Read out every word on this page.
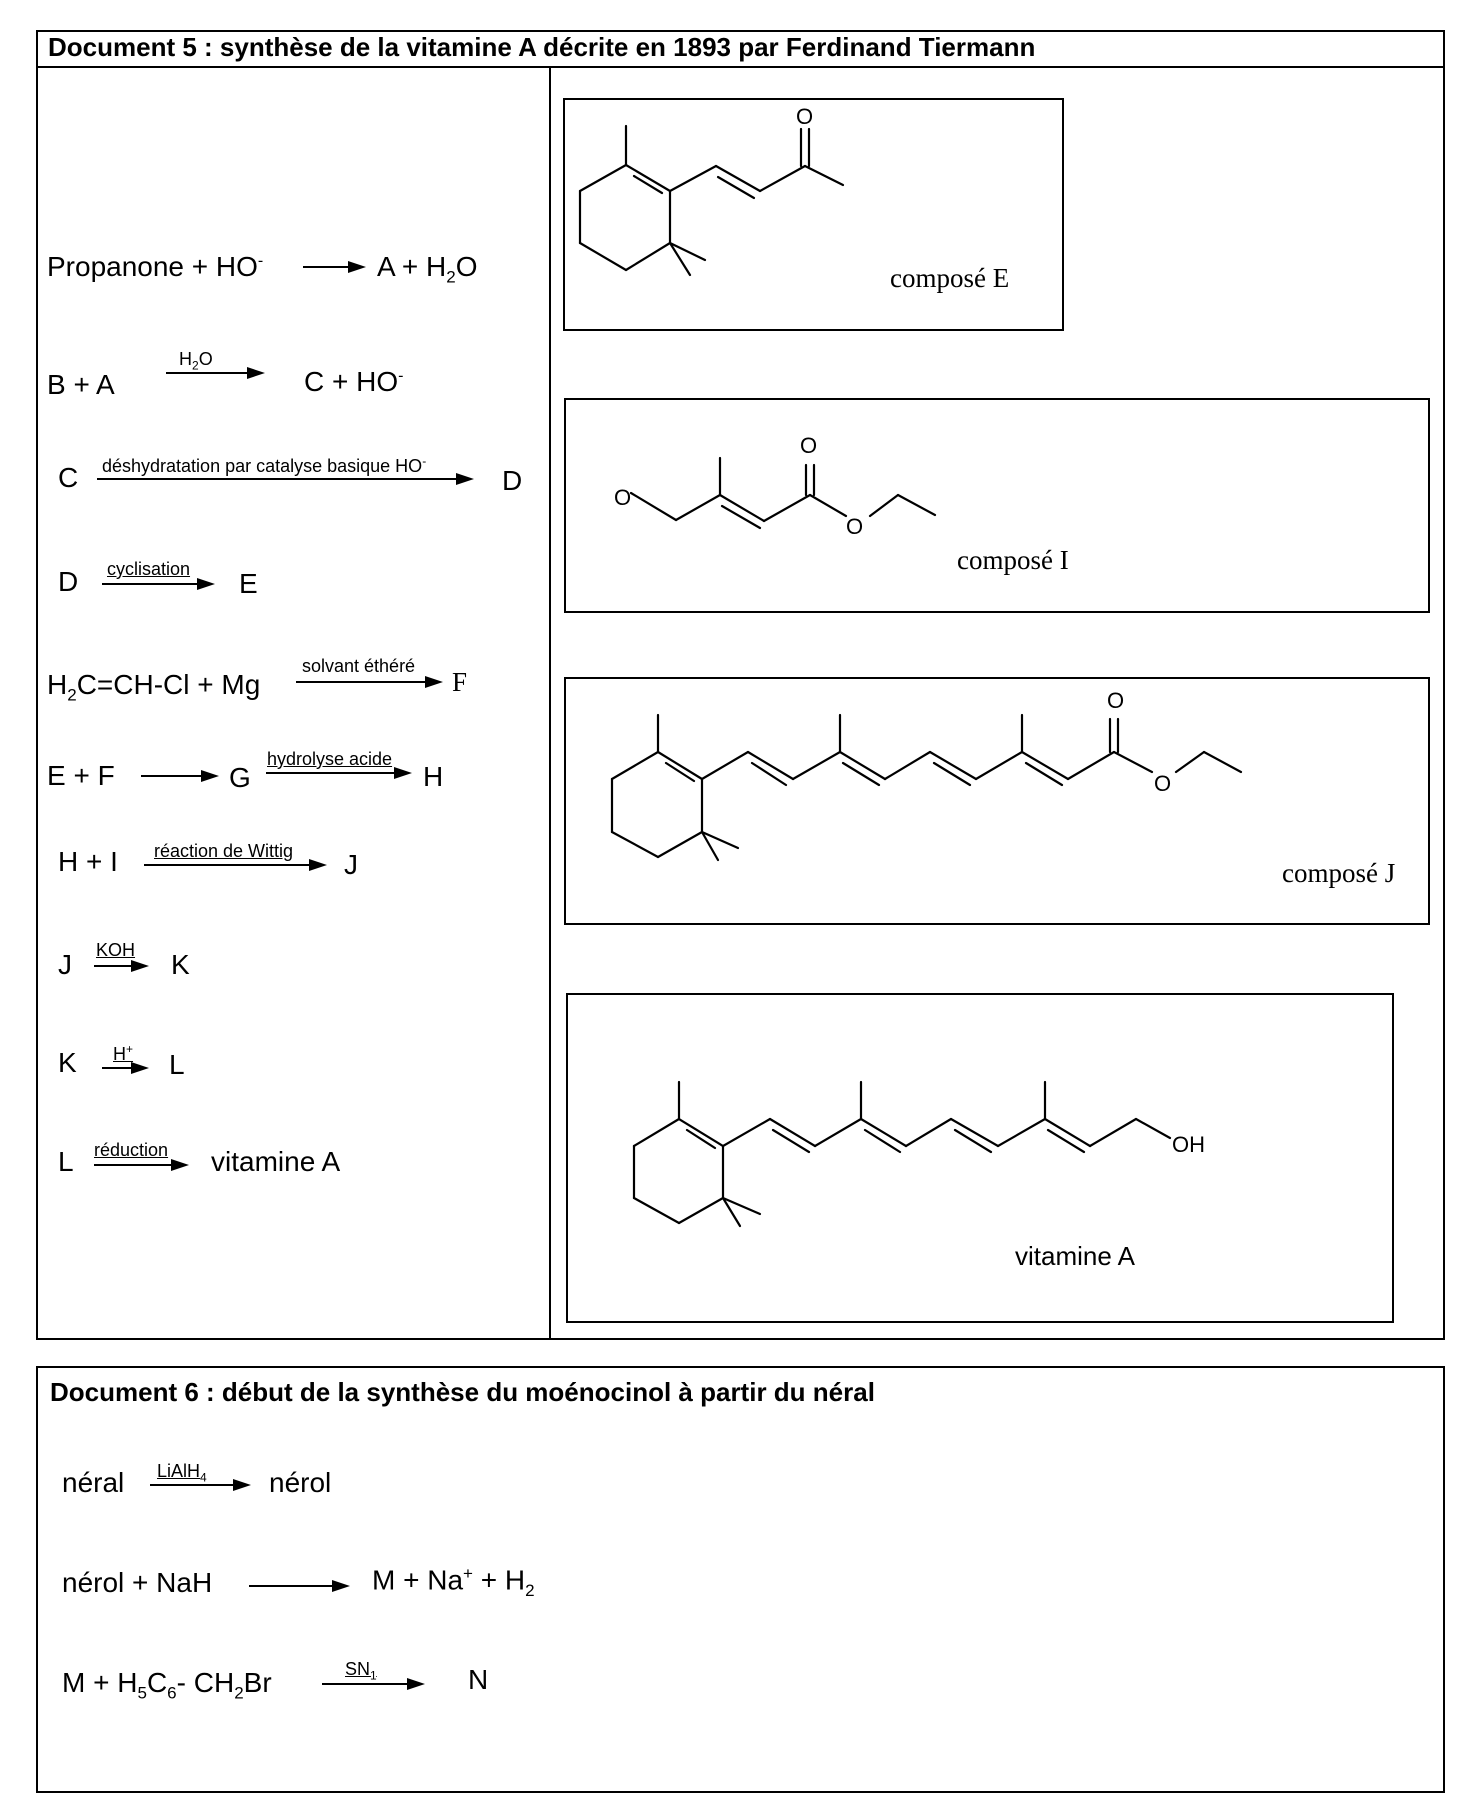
Document 5 : synthèse de la vitamine A décrite en 1893 par Ferdinand Tiermann
Propanone + $HO^- \to A + H_2O$
B + A
$H_2O$
C + HO-
C déshydratation par catalyse basique HO-
D
D cyclisation E
$H_2C=CH-Cl + Mg$
solvant éthéré
F
E + F	G
hydrolyse acide
H
H + I réaction de Wittig J
J KOH K
K H+ → L
L réduction vitamine A
O
composé E
O
O
O
composé I
O
O
composé J
OH
vitamine A
Document 6 : début de la synthèse du moénocinol à partir du néral
néral LiAlH$_4$ nérol
nérol + NaH	$M + Na^+ + H_2$
$M + H_5C_6-$ $CH_2Br$	$SN_1$	N
